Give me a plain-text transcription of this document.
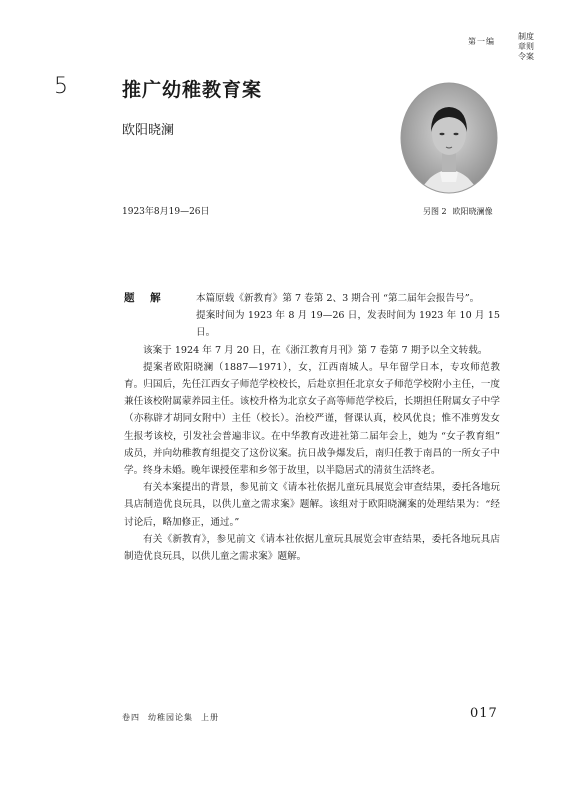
第一编
制度
章则
令案
5	推广幼稚教育案
欧阳晓澜
1923年8月19—26日	另图 2 欧阳晓澜像
题 解	本篇原载《新教育》第 7 卷第 2、3 期合刊 “第二届年会报告号”。

提案时间为 1923 年 8 月 19—26 日，发表时间为 1923 年 10 月 15 日。

该案于 1924 年 7 月 20 日，在《浙江教育月刊》第 7 卷第 7 期予以全文转载。

提案者欧阳晓澜（1887—1971），女，江西南城人。早年留学日本，专攻师范教育。归国后，先任江西女子师范学校校长，后赴京担任北京女子师范学校附小主任，一度兼任该校附属蒙养园主任。该校升格为北京女子高等师范学校后，长期担任附属女子中学（亦称辟才胡同女附中）主任（校长）。治校严谨，督课认真，校风优良；惟不准剪发女生报考该校，引发社会普遍非议。在中华教育改进社第二届年会上，她为 “女子教育组” 成员，并向幼稚教育组提交了这份议案。抗日战争爆发后，南归任教于南昌的一所女子中学。终身未婚。晚年课授侄辈和乡邻于故里，以半隐居式的清贫生活终老。

有关本案提出的背景，参见前文《请本社依据儿童玩具展览会审查结果，委托各地玩具店制造优良玩具，以供儿童之需求案》题解。该组对于欧阳晓澜案的处理结果为：“经讨论后，略加修正，通过。”

有关《新教育》，参见前文《请本社依据儿童玩具展览会审查结果，委托各地玩具店制造优良玩具，以供儿童之需求案》题解。

卷四 幼稚园论集 上册	017
